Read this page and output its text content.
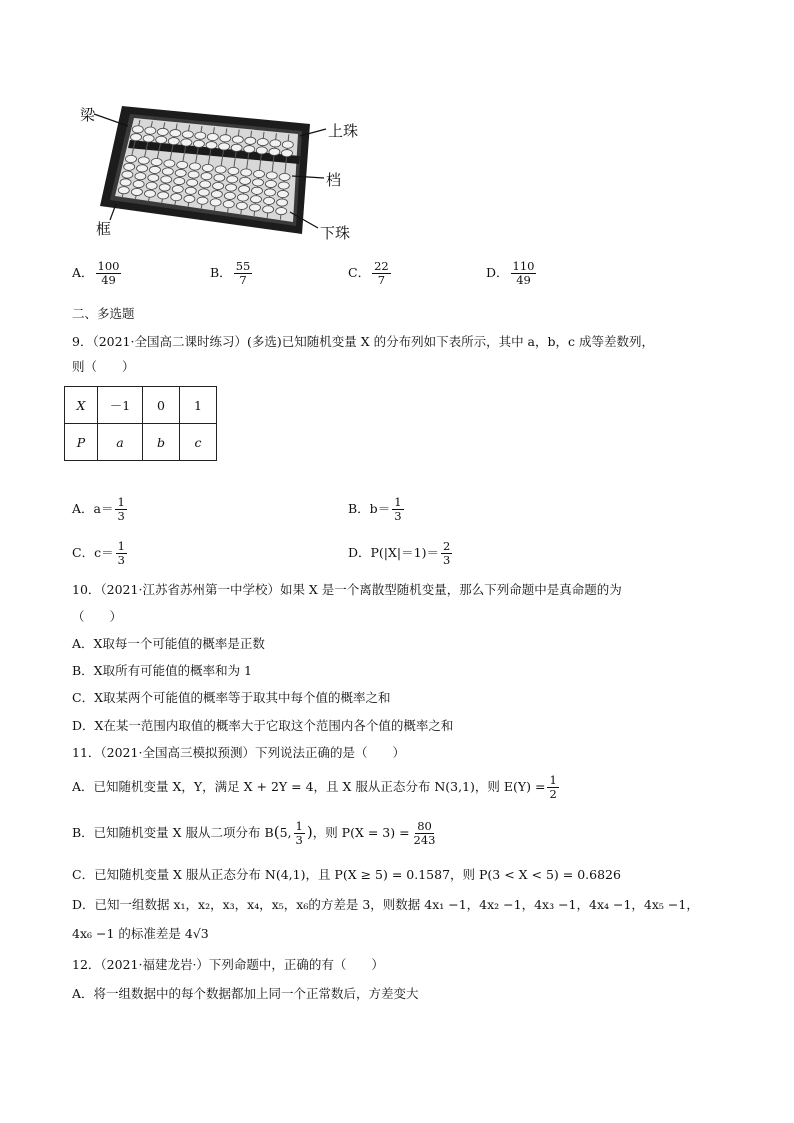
梁
上珠
档
框	下珠
A． $\frac{100}{49}$	B． $\frac{55}{7}$	C． $\frac{22}{7}$	D． $\frac{110}{49}$
二、多选题
9．（2021·全国高二课时练习）(多选)已知随机变量 X 的分布列如下表所示，其中 a，b，c 成等差数列，
则（　　）
X	－1	0	1
P	a	b	c
A．$a= \frac{1}{3}$	B．$b= \frac{1}{3}$
C．$c= \frac{1}{3}$	D．$P(|X|=1)= \frac{2}{3}$
10．（2021·江苏省苏州第一中学校）如果 X 是一个离散型随机变量，那么下列命题中是真命题的为
（　　）
A．X取每一个可能值的概率是正数
B．X取所有可能值的概率和为 1
C．X取某两个可能值的概率等于取其中每个值的概率之和
D．X在某一范围内取值的概率大于它取这个范围内各个值的概率之和
11．（2021·全国高三模拟预测）下列说法正确的是（　　）
A．已知随机变量 X，Y，满足 X + 2Y = 4，且 X 服从正态分布 N(3,1)，则 $E(Y) = \frac{1}{2}$
B．已知随机变量 X 服从二项分布 B(5, $\frac{1}{3}$ )，则 $P(X = 3) = \frac{80}{243}$
C．已知随机变量 X 服从正态分布 N(4,1)，且 P(X ≥ 5) = 0.1587，则 P(3 < X < 5) = 0.6826
D．已知一组数据 x₁，x₂，x₃，x₄，x₅，x₆的方差是 3，则数据 4x₁ −1，4x₂ −1，4x₃ −1，4x₄ −1，4x₅ −1，
4x₆ −1 的标准差是 4√3
12．（2021·福建龙岩·）下列命题中，正确的有（　　）
A．将一组数据中的每个数据都加上同一个正常数后，方差变大
